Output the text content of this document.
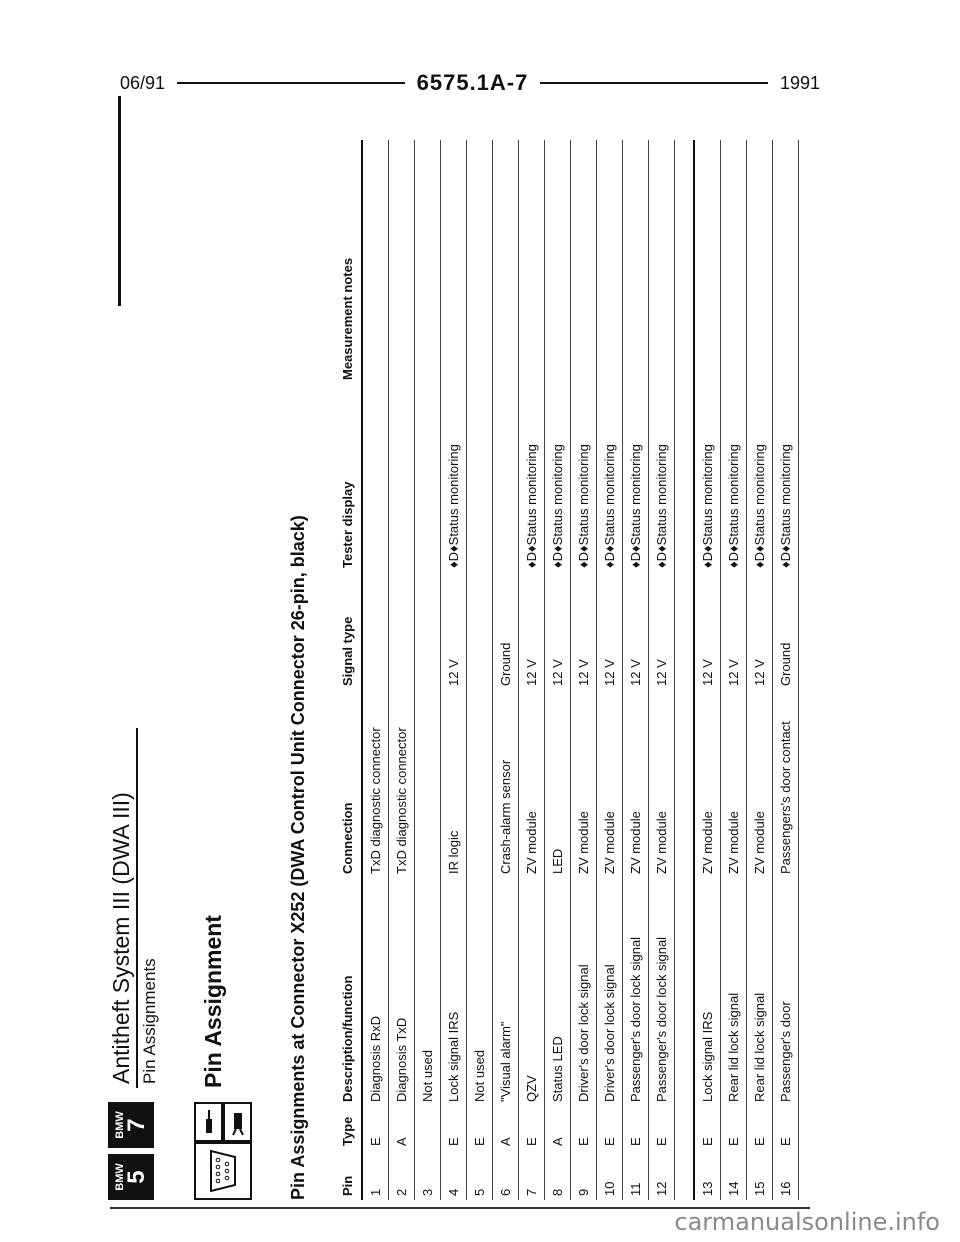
06/91	6575.1A-7	1991
BMW
5
BMW
7
Antitheft System III (DWA III) Pin Assignments Pin Assignment	Pin Assignments at Connector X252 (DWA Control Unit Connector 26-pin, black) Pin	Type	Description/function	Connection	Signal type	Tester display	Measurement notes
1	E	Diagnosis RxD	TxD diagnostic connector			
2	A	Diagnosis TxD	TxD diagnostic connector			
3		Not used				
4	E	Lock signal IRS	IR logic	12 V	♦D♦Status monitoring	
5	E	Not used				
6	A	"Visual alarm"	Crash-alarm sensor	Ground		
7	E	QZV	ZV module	12 V	♦D♦Status monitoring	
8	A	Status LED	LED	12 V	♦D♦Status monitoring	
9	E	Driver's door lock signal	ZV module	12 V	♦D♦Status monitoring	
10	E	Driver's door lock signal	ZV module	12 V	♦D♦Status monitoring	
11	E	Passenger's door lock signal	ZV module	12 V	♦D♦Status monitoring	
12	E	Passenger's door lock signal	ZV module	12 V	♦D♦Status monitoring	

13	E	Lock signal IRS	ZV module	12 V	♦D♦Status monitoring	
14	E	Rear lid lock signal	ZV module	12 V	♦D♦Status monitoring	
15	E	Rear lid lock signal	ZV module	12 V	♦D♦Status monitoring	
16	E	Passenger's door	Passengers's door contact	Ground	♦D♦Status monitoring	
carmanualsonline.info
